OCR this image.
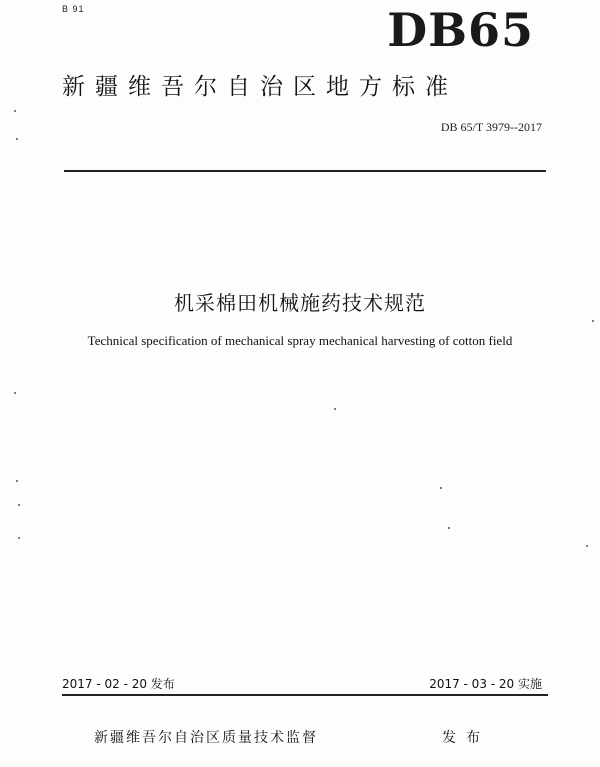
B 91	DB65
新疆维吾尔自治区地方标准
DB 65/T 3979--2017
机采棉田机械施药技术规范
Technical specification of mechanical spray mechanical harvesting of cotton field
2017 - 02 - 20 发布	2017 - 03 - 20 实施
新疆维吾尔自治区质量技术监督	发布
